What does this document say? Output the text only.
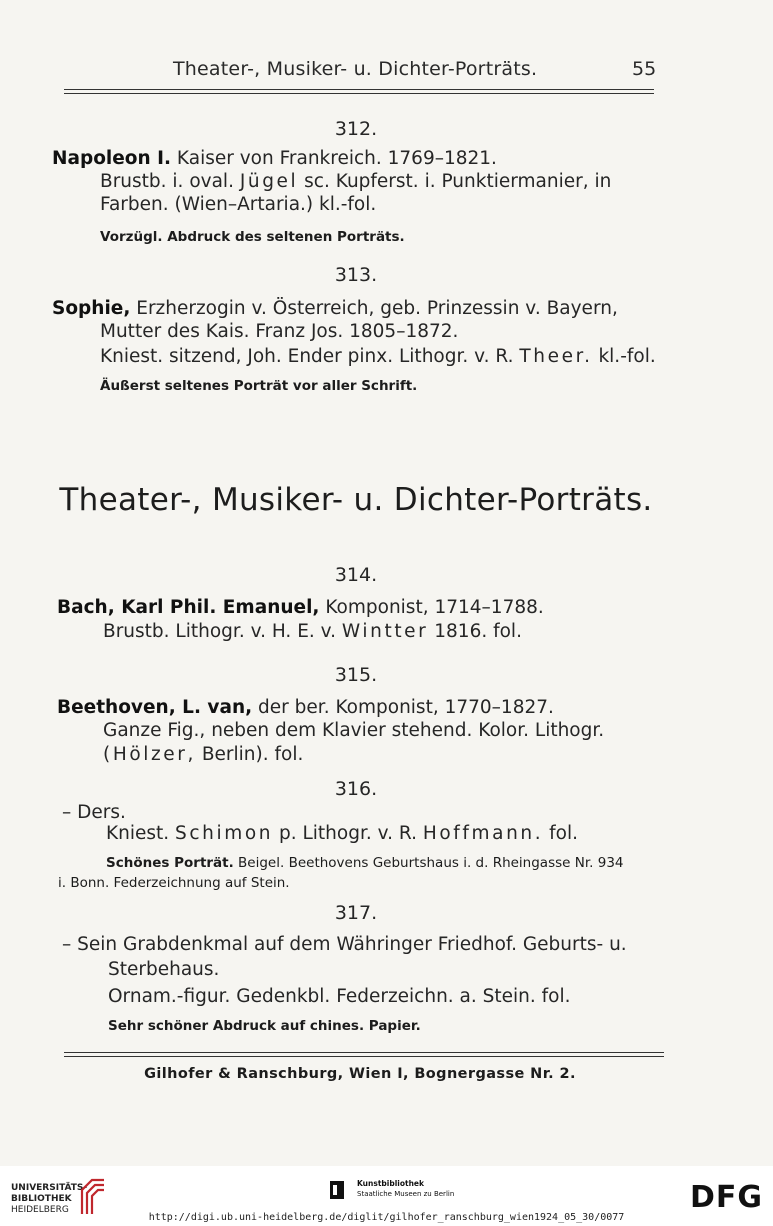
Theater-, Musiker- u. Dichter-Porträts.	55
312.
Napoleon I. Kaiser von Frankreich. 1769–1821.
Brustb. i. oval. Jügel sc. Kupferst. i. Punktiermanier, in
Farben. (Wien–Artaria.) kl.-fol.
Vorzügl. Abdruck des seltenen Porträts.
313.
Sophie, Erzherzogin v. Österreich, geb. Prinzessin v. Bayern,
Mutter des Kais. Franz Jos. 1805–1872.
Kniest. sitzend, Joh. Ender pinx. Lithogr. v. R. Theer. kl.-fol.
Äußerst seltenes Porträt vor aller Schrift.
Theater-, Musiker- u. Dichter-Porträts.
314.
Bach, Karl Phil. Emanuel, Komponist, 1714–1788.
Brustb. Lithogr. v. H. E. v. Wintter 1816. fol.
315.
Beethoven, L. van, der ber. Komponist, 1770–1827.
Ganze Fig., neben dem Klavier stehend. Kolor. Lithogr.
(Hölzer, Berlin). fol.
316.
– Ders.
Kniest. Schimon p. Lithogr. v. R. Hoffmann. fol.
Schönes Porträt. Beigel. Beethovens Geburtshaus i. d. Rheingasse Nr. 934
i. Bonn. Federzeichnung auf Stein.
317.
– Sein Grabdenkmal auf dem Währinger Friedhof. Geburts- u.
Sterbehaus.
Ornam.-figur. Gedenkbl. Federzeichn. a. Stein. fol.
Sehr schöner Abdruck auf chines. Papier.
Gilhofer & Ranschburg, Wien I, Bognergasse Nr. 2.
UNIVERSITÄTS-
BIBLIOTHEK
HEIDELBERG
Kunstbibliothek
Staatliche Museen zu Berlin	DFG
http://digi.ub.uni-heidelberg.de/diglit/gilhofer_ranschburg_wien1924_05_30/0077
